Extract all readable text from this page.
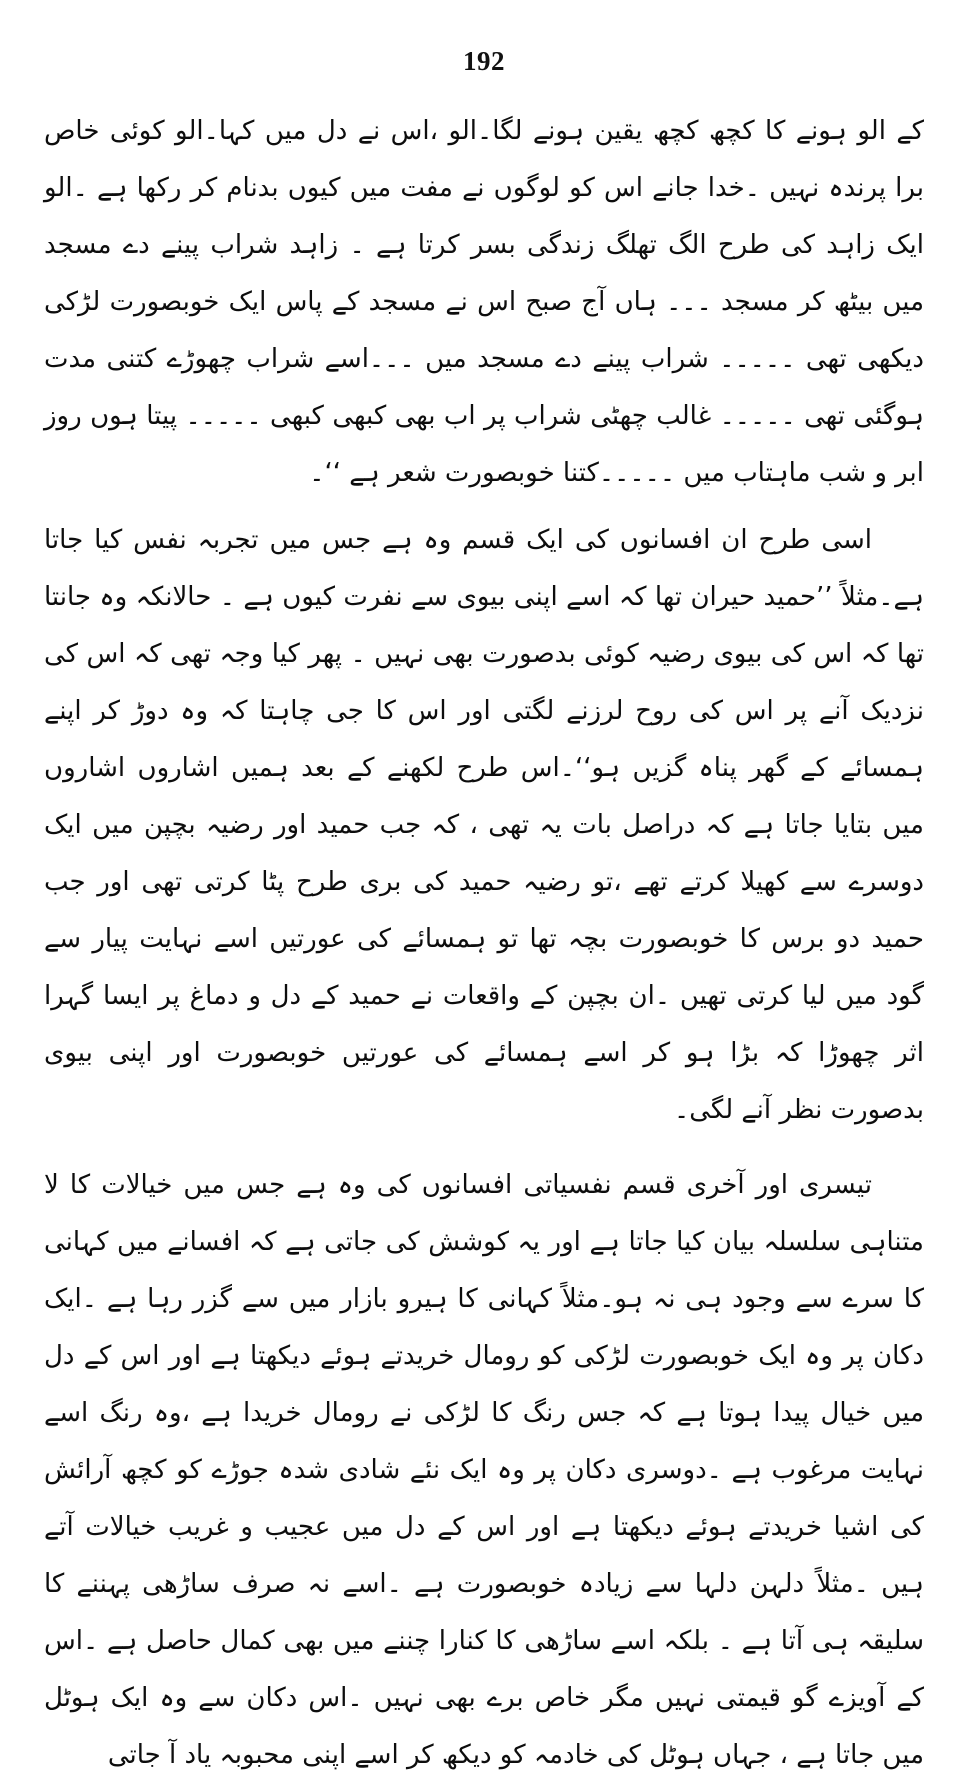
192

کے الو ہونے کا کچھ کچھ یقین ہونے لگا۔الو ،اس نے دل میں کہا۔الو کوئی خاص برا پرندہ نہیں ۔خدا جانے اس کو لوگوں نے مفت میں کیوں بدنام کر رکھا ہے ۔الو ایک زاہد کی طرح الگ تھلگ زندگی بسر کرتا ہے ۔ زاہد شراب پینے دے مسجد میں بیٹھ کر مسجد ۔۔۔ ہاں آج صبح اس نے مسجد کے پاس ایک خوبصورت لڑکی دیکھی تھی ۔۔۔۔۔ شراب پینے دے مسجد میں ۔۔۔اسے شراب چھوڑے کتنی مدت ہوگئی تھی ۔۔۔۔۔ غالب چھٹی شراب پر اب بھی کبھی کبھی ۔۔۔۔۔ پیتا ہوں روز ابر و شب ماہتاب میں ۔۔۔۔۔کتنا خوبصورت شعر ہے ‘‘۔

اسی طرح ان افسانوں کی ایک قسم وہ ہے جس میں تجربہ نفس کیا جاتا ہے۔مثلاً ’’حمید حیران تھا کہ اسے اپنی بیوی سے نفرت کیوں ہے ۔ حالانکہ وہ جانتا تھا کہ اس کی بیوی رضیہ کوئی بدصورت بھی نہیں ۔ پھر کیا وجہ تھی کہ اس کی نزدیک آنے پر اس کی روح لرزنے لگتی اور اس کا جی چاہتا کہ وہ دوڑ کر اپنے ہمسائے کے گھر پناہ گزیں ہو‘‘۔اس طرح لکھنے کے بعد ہمیں اشاروں اشاروں میں بتایا جاتا ہے کہ دراصل بات یہ تھی ، کہ جب حمید اور رضیہ بچپن میں ایک دوسرے سے کھیلا کرتے تھے ،تو رضیہ حمید کی بری طرح پٹا کرتی تھی اور جب حمید دو برس کا خوبصورت بچہ تھا تو ہمسائے کی عورتیں اسے نہایت پیار سے گود میں لیا کرتی تھیں ۔ان بچپن کے واقعات نے حمید کے دل و دماغ پر ایسا گہرا اثر چھوڑا کہ بڑا ہو کر اسے ہمسائے کی عورتیں خوبصورت اور اپنی بیوی بدصورت نظر آنے لگی۔

تیسری اور آخری قسم نفسیاتی افسانوں کی وہ ہے جس میں خیالات کا لا متناہی سلسلہ بیان کیا جاتا ہے اور یہ کوشش کی جاتی ہے کہ افسانے میں کہانی کا سرے سے وجود ہی نہ ہو۔مثلاً کہانی کا ہیرو بازار میں سے گزر رہا ہے ۔ایک دکان پر وہ ایک خوبصورت لڑکی کو رومال خریدتے ہوئے دیکھتا ہے اور اس کے دل میں خیال پیدا ہوتا ہے کہ جس رنگ کا لڑکی نے رومال خریدا ہے ،وہ رنگ اسے نہایت مرغوب ہے ۔دوسری دکان پر وہ ایک نئے شادی شدہ جوڑے کو کچھ آرائش کی اشیا خریدتے ہوئے دیکھتا ہے اور اس کے دل میں عجیب و غریب خیالات آتے ہیں ۔مثلاً دلہن دلہا سے زیادہ خوبصورت ہے ۔اسے نہ صرف ساڑھی پہننے کا سلیقہ ہی آتا ہے ۔ بلکہ اسے ساڑھی کا کنارا چننے میں بھی کمال حاصل ہے ۔اس کے آویزے گو قیمتی نہیں مگر خاص برے بھی نہیں ۔اس دکان سے وہ ایک ہوٹل میں جاتا ہے ، جہاں ہوٹل کی خادمہ کو دیکھ کر اسے اپنی محبوبہ یاد آ جاتی
